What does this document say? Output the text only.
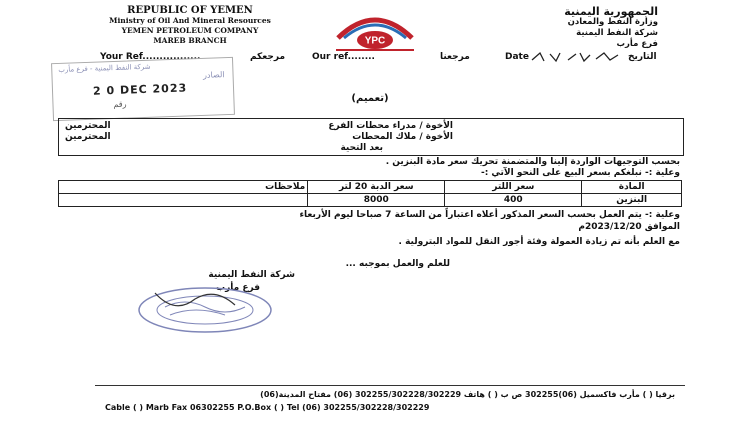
REPUBLIC OF YEMEN
Ministry of Oil And Mineral Resources
YEMEN PETROLEUM COMPANY
MAREB BRANCH	YPC
الجمهورية اليمنية
وزارة النفط والمعادن
شركة النفط اليمنية
فرع مأرب
Your Ref.................	مرجعكم	Our ref........	مرجعنا	Date	التاريخ
شركة النفط اليمنية - فرع مأرب
الصادر
2 0 DEC 2023
رقم
(تعميم)
الأخوة / مدراء محطات الفرع
المحترمين
الأخوة / ملاك المحطات
المحترمين
بعد التحية
بحسب التوجيهات الواردة إلينا والمتضمنة تحريك سعر مادة البنزين .
وعلية :- نبلغكم بسعر البيع على النحو الآتي :-
المادة	سعر اللتر	سعر الدبة 20 لتر	ملاحظات
البنزين	400	8000	
وعلية :- يتم العمل بحسب السعر المذكور أعلاه اعتباراً من الساعة 7 صباحا ليوم الأربعاء
الموافق 2023/12/20م
مع العلم بأنه تم زيادة العمولة وفئة أجور النقل للمواد البترولية .
للعلم والعمل بموجبه ...
شركة النفط اليمنية
فرع مأرب
برقيا ( ) مأرب فاكسميل (06)302255 ص ب ( ) هاتف 302255/302228/302229 (06) مفتاح المدينة(06)
Cable ( ) Marb Fax 06302255 P.O.Box ( ) Tel (06) 302255/302228/302229
